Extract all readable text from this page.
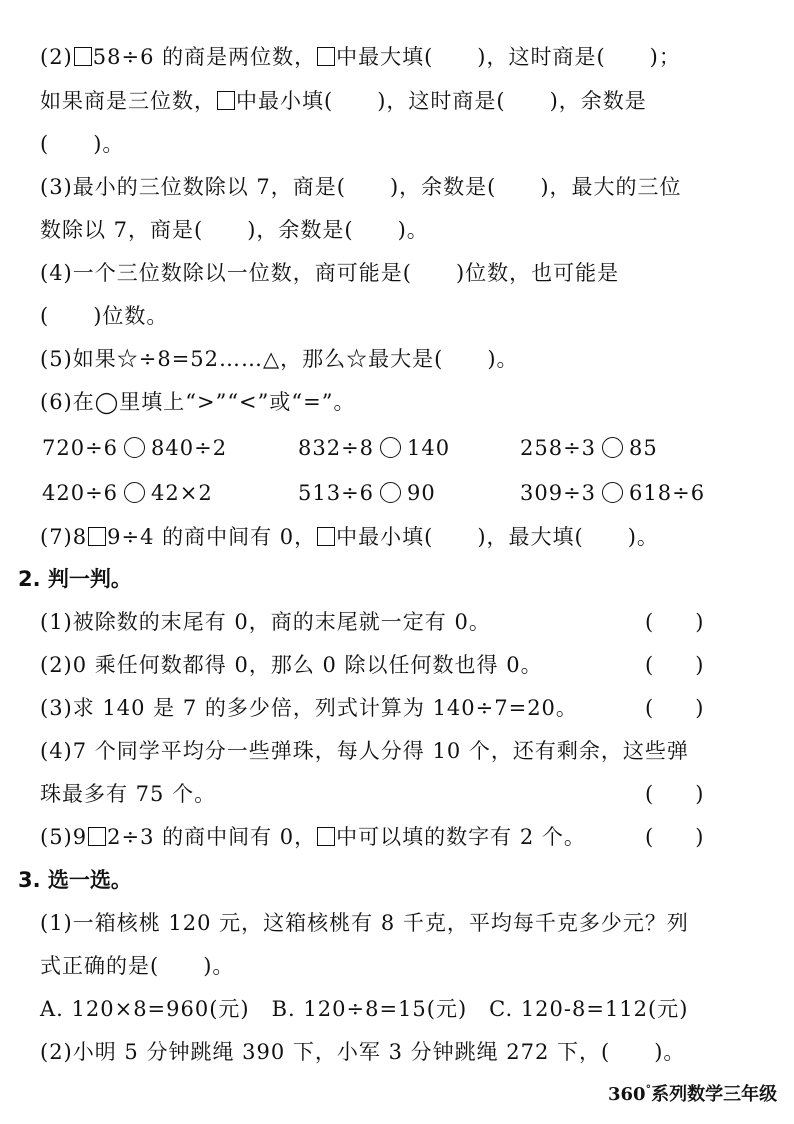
(2) 58÷6 的商是两位数， 中最大填(　　)，这时商是(　　)；
如果商是三位数， 中最小填(　　)，这时商是(　　)，余数是
(　　)。
(3)最小的三位数除以 7，商是(　　)，余数是(　　)，最大的三位
数除以 7，商是(　　)，余数是(　　)。
(4)一个三位数除以一位数，商可能是(　　)位数，也可能是
(　　)位数。
(5)如果☆÷8=52……△，那么☆最大是(　　)。
(6)在◯里填上“>”“<”或“=”。
720÷6 840÷2	832÷8 140	258÷3 85
420÷6 42×2	513÷6 90	309÷3 618÷6
(7)8 9÷4 的商中间有 0， 中最小填(　　)，最大填(　　)。
2. 判一判。
(1)被除数的末尾有 0，商的末尾就一定有 0。	(　　)
(2)0 乘任何数都得 0，那么 0 除以任何数也得 0。	(　　)
(3)求 140 是 7 的多少倍，列式计算为 140÷7=20。	(　　)
(4)7 个同学平均分一些弹珠，每人分得 10 个，还有剩余，这些弹
珠最多有 75 个。	(　　)
(5)9 2÷3 的商中间有 0， 中可以填的数字有 2 个。	(　　)
3. 选一选。
(1)一箱核桃 120 元，这箱核桃有 8 千克，平均每千克多少元？列
式正确的是(　　)。
A. 120×8=960(元)　B. 120÷8=15(元)　C. 120-8=112(元)
(2)小明 5 分钟跳绳 390 下，小军 3 分钟跳绳 272 下，(　　)。
360°系列数学三年级
